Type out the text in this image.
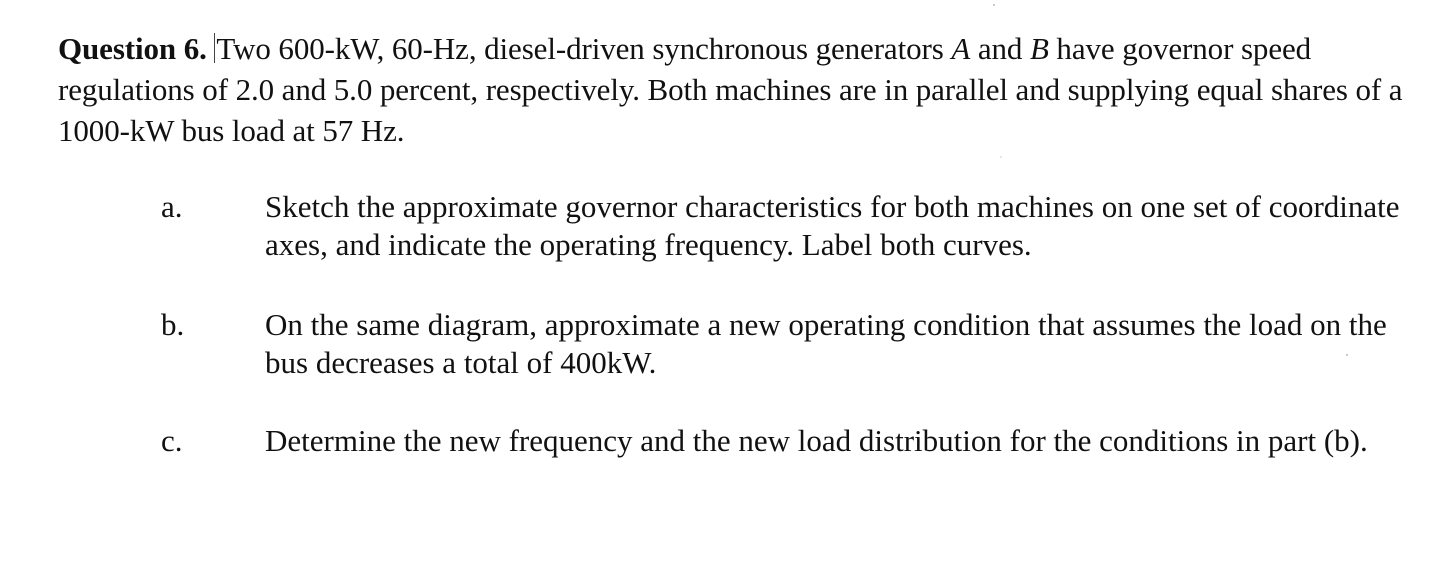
Question 6. Two 600-kW, 60-Hz, diesel-driven synchronous generators A and B have governor speed regulations of 2.0 and 5.0 percent, respectively. Both machines are in parallel and supplying equal shares of a 1000-kW bus load at 57 Hz.
a.	Sketch the approximate governor characteristics for both machines on one set of coordinate axes, and indicate the operating frequency. Label both curves.
b.	On the same diagram, approximate a new operating condition that assumes the load on the bus decreases a total of 400kW.
c.	Determine the new frequency and the new load distribution for the conditions in part (b).
